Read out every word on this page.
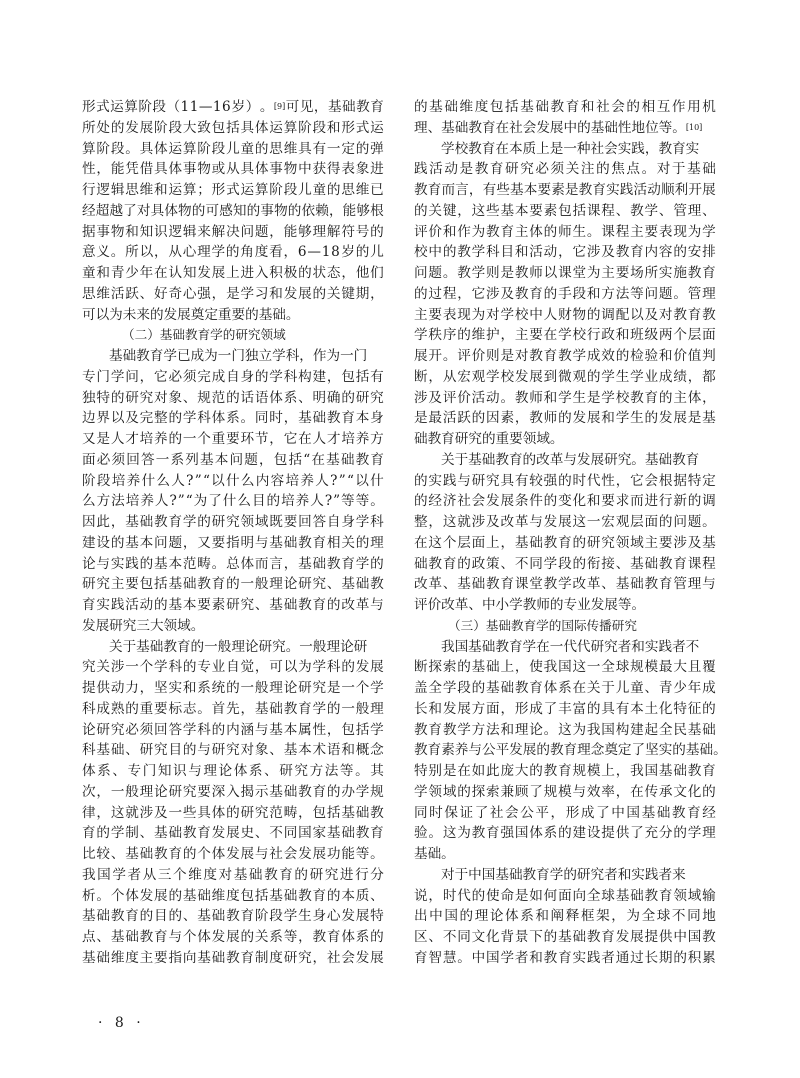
形 式 运 算 阶 段 （ 1 1 — 1 6 岁 ） 。 [9] 可 见 ， 基 础 教 育
所 处 的 发 展 阶 段 大 致 包 括 具 体 运 算 阶 段 和 形 式 运
算 阶 段 。 具 体 运 算 阶 段 儿 童 的 思 维 具 有 一 定 的 弹
性 ， 能 凭 借 具 体 事 物 或 从 具 体 事 物 中 获 得 表 象 进
行 逻 辑 思 维 和 运 算 ； 形 式 运 算 阶 段 儿 童 的 思 维 已
经 超 越 了 对 具 体 物 的 可 感 知 的 事 物 的 依 赖 ， 能 够 根
据 事 物 和 知 识 逻 辑 来 解 决 问 题 ， 能 够 理 解 符 号 的
意 义 。 所 以 ， 从 心 理 学 的 角 度 看 ， 6 — 1 8 岁 的 儿
童 和 青 少 年 在 认 知 发 展 上 进 入 积 极 的 状 态 ， 他 们
思 维 活 跃 、 好 奇 心 强 ， 是 学 习 和 发 展 的 关 键 期 ，
可以为未来的发展奠定重要的基础。
（二）基础教育学的研究领域
基础教育学已成为一门独立学科，作为一门
专 门 学 问 ， 它 必 须 完 成 自 身 的 学 科 构 建 ， 包 括 有
独 特 的 研 究 对 象 、 规 范 的 话 语 体 系 、 明 确 的 研 究
边 界 以 及 完 整 的 学 科 体 系 。 同 时 ， 基 础 教 育 本 身
又 是 人 才 培 养 的 一 个 重 要 环 节 ， 它 在 人 才 培 养 方
面 必 须 回 答 一 系 列 基 本 问 题 ， 包 括 “ 在 基 础 教 育
阶 段 培 养 什 么 人 ? ” “ 以 什 么 内 容 培 养 人 ? ” “ 以 什
么 方 法 培 养 人 ? ” “ 为 了 什 么 目 的 培 养 人 ? ” 等 等 。
因 此 ， 基 础 教 育 学 的 研 究 领 域 既 要 回 答 自 身 学 科
建 设 的 基 本 问 题 ， 又 要 指 明 与 基 础 教 育 相 关 的 理
论 与 实 践 的 基 本 范 畴 。 总 体 而 言 ， 基 础 教 育 学 的
研 究 主 要 包 括 基 础 教 育 的 一 般 理 论 研 究 、 基 础 教
育 实 践 活 动 的 基 本 要 素 研 究 、 基 础 教 育 的 改 革 与
发展研究三大领域。
关于基础教育的一般理论研究。一般理论研
究 关 涉 一 个 学 科 的 专 业 自 觉 ， 可 以 为 学 科 的 发 展
提 供 动 力 ， 坚 实 和 系 统 的 一 般 理 论 研 究 是 一 个 学
科 成 熟 的 重 要 标 志 。 首 先 ， 基 础 教 育 学 的 一 般 理
论 研 究 必 须 回 答 学 科 的 内 涵 与 基 本 属 性 ， 包 括 学
科 基 础 、 研 究 目 的 与 研 究 对 象 、 基 本 术 语 和 概 念
体 系 、 专 门 知 识 与 理 论 体 系 、 研 究 方 法 等 。 其
次 ， 一 般 理 论 研 究 要 深 入 揭 示 基 础 教 育 的 办 学 规
律 ， 这 就 涉 及 一 些 具 体 的 研 究 范 畴 ， 包 括 基 础 教
育 的 学 制 、 基 础 教 育 发 展 史 、 不 同 国 家 基 础 教 育
比 较 、 基 础 教 育 的 个 体 发 展 与 社 会 发 展 功 能 等 。
我 国 学 者 从 三 个 维 度 对 基 础 教 育 的 研 究 进 行 分
析 。 个 体 发 展 的 基 础 维 度 包 括 基 础 教 育 的 本 质 、
基 础 教 育 的 目 的 、 基 础 教 育 阶 段 学 生 身 心 发 展 特
点 、 基 础 教 育 与 个 体 发 展 的 关 系 等 ， 教 育 体 系 的
基 础 维 度 主 要 指 向 基 础 教 育 制 度 研 究 ， 社 会 发 展
的 基 础 维 度 包 括 基 础 教 育 和 社 会 的 相 互 作 用 机
理、基础教育在社会发展中的基础性地位等。 [10]
学校教育在本质上是一种社会实践，教育实
践 活 动 是 教 育 研 究 必 须 关 注 的 焦 点 。 对 于 基 础
教 育 而 言 ， 有 些 基 本 要 素 是 教 育 实 践 活 动 顺 利 开 展
的 关 键 ， 这 些 基 本 要 素 包 括 课 程 、 教 学 、 管 理 、
评 价 和 作 为 教 育 主 体 的 师 生 。 课 程 主 要 表 现 为 学
校 中 的 教 学 科 目 和 活 动 ， 它 涉 及 教 育 内 容 的 安 排
问 题 。 教 学 则 是 教 师 以 课 堂 为 主 要 场 所 实 施 教 育
的 过 程 ， 它 涉 及 教 育 的 手 段 和 方 法 等 问 题 。 管 理
主 要 表 现 为 对 学 校 中 人 财 物 的 调 配 以 及 对 教 育 教
学 秩 序 的 维 护 ， 主 要 在 学 校 行 政 和 班 级 两 个 层 面
展 开 。 评 价 则 是 对 教 育 教 学 成 效 的 检 验 和 价 值 判
断 ， 从 宏 观 学 校 发 展 到 微 观 的 学 生 学 业 成 绩 ， 都
涉 及 评 价 活 动 。 教 师 和 学 生 是 学 校 教 育 的 主 体 ，
是 最 活 跃 的 因 素 ， 教 师 的 发 展 和 学 生 的 发 展 是 基
础教育研究的重要领域。
关于基础教育的改革与发展研究。基础教育
的 实 践 与 研 究 具 有 较 强 的 时 代 性 ， 它 会 根 据 特 定
的 经 济 社 会 发 展 条 件 的 变 化 和 要 求 而 进 行 新 的 调
整 ， 这 就 涉 及 改 革 与 发 展 这 一 宏 观 层 面 的 问 题 。
在 这 个 层 面 上 ， 基 础 教 育 的 研 究 领 域 主 要 涉 及 基
础 教 育 的 政 策 、 不 同 学 段 的 衔 接 、 基 础 教 育 课 程
改 革 、 基 础 教 育 课 堂 教 学 改 革 、 基 础 教 育 管 理 与
评价改革、中小学教师的专业发展等。
（三）基础教育学的国际传播研究
我国基础教育学在一代代研究者和实践者不
断 探 索 的 基 础 上 ， 使 我 国 这 一 全 球 规 模 最 大 且 覆
盖 全 学 段 的 基 础 教 育 体 系 在 关 于 儿 童 、 青 少 年 成
长 和 发 展 方 面 ， 形 成 了 丰 富 的 具 有 本 土 化 特 征 的
教 育 教 学 方 法 和 理 论 。 这 为 我 国 构 建 起 全 民 基 础
教 育 素 养 与 公 平 发 展 的 教 育 理 念 奠 定 了 坚 实 的 基 础 。
特 别 是 在 如 此 庞 大 的 教 育 规 模 上 ， 我 国 基 础 教 育
学 领 域 的 探 索 兼 顾 了 规 模 与 效 率 ， 在 传 承 文 化 的
同 时 保 证 了 社 会 公 平 ， 形 成 了 中 国 基 础 教 育 经
验 。 这 为 教 育 强 国 体 系 的 建 设 提 供 了 充 分 的 学 理
基础。
对于中国基础教育学的研究者和实践者来
说 ， 时 代 的 使 命 是 如 何 面 向 全 球 基 础 教 育 领 域 输
出 中 国 的 理 论 体 系 和 阐 释 框 架 ， 为 全 球 不 同 地
区 、 不 同 文 化 背 景 下 的 基 础 教 育 发 展 提 供 中 国 教
育 智 慧 。 中 国 学 者 和 教 育 实 践 者 通 过 长 期 的 积 累
· 8 ·
